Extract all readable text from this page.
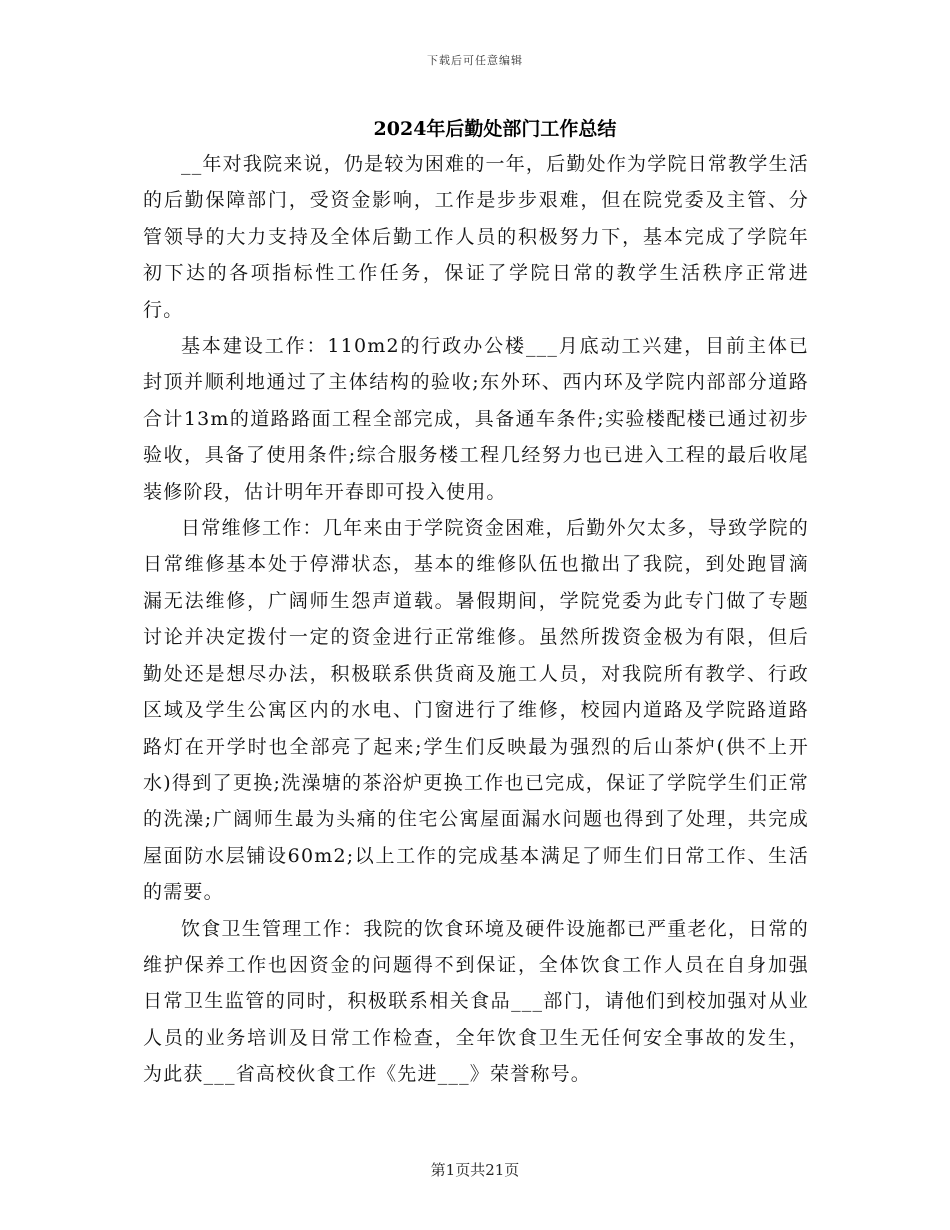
下载后可任意编辑
2024年后勤处部门工作总结

__年对我院来说，仍是较为困难的一年，后勤处作为学院日常教学生活的后勤保障部门，受资金影响，工作是步步艰难，但在院党委及主管、分管领导的大力支持及全体后勤工作人员的积极努力下，基本完成了学院年初下达的各项指标性工作任务，保证了学院日常的教学生活秩序正常进行。

基本建设工作：110m2的行政办公楼___月底动工兴建，目前主体已封顶并顺利地通过了主体结构的验收;东外环、西内环及学院内部部分道路合计13m的道路路面工程全部完成，具备通车条件;实验楼配楼已通过初步验收，具备了使用条件;综合服务楼工程几经努力也已进入工程的最后收尾装修阶段，估计明年开春即可投入使用。

日常维修工作：几年来由于学院资金困难，后勤外欠太多，导致学院的日常维修基本处于停滞状态，基本的维修队伍也撤出了我院，到处跑冒滴漏无法维修，广阔师生怨声道载。暑假期间，学院党委为此专门做了专题讨论并决定拨付一定的资金进行正常维修。虽然所拨资金极为有限，但后勤处还是想尽办法，积极联系供货商及施工人员，对我院所有教学、行政区域及学生公寓区内的水电、门窗进行了维修，校园内道路及学院路道路路灯在开学时也全部亮了起来;学生们反映最为强烈的后山茶炉(供不上开水)得到了更换;洗澡塘的茶浴炉更换工作也已完成，保证了学院学生们正常的洗澡;广阔师生最为头痛的住宅公寓屋面漏水问题也得到了处理，共完成屋面防水层铺设60m2;以上工作的完成基本满足了师生们日常工作、生活的需要。

饮食卫生管理工作：我院的饮食环境及硬件设施都已严重老化，日常的维护保养工作也因资金的问题得不到保证，全体饮食工作人员在自身加强日常卫生监管的同时，积极联系相关食品___部门，请他们到校加强对从业人员的业务培训及日常工作检查，全年饮食卫生无任何安全事故的发生，为此获___省高校伙食工作《先进___》荣誉称号。

第1页共21页
